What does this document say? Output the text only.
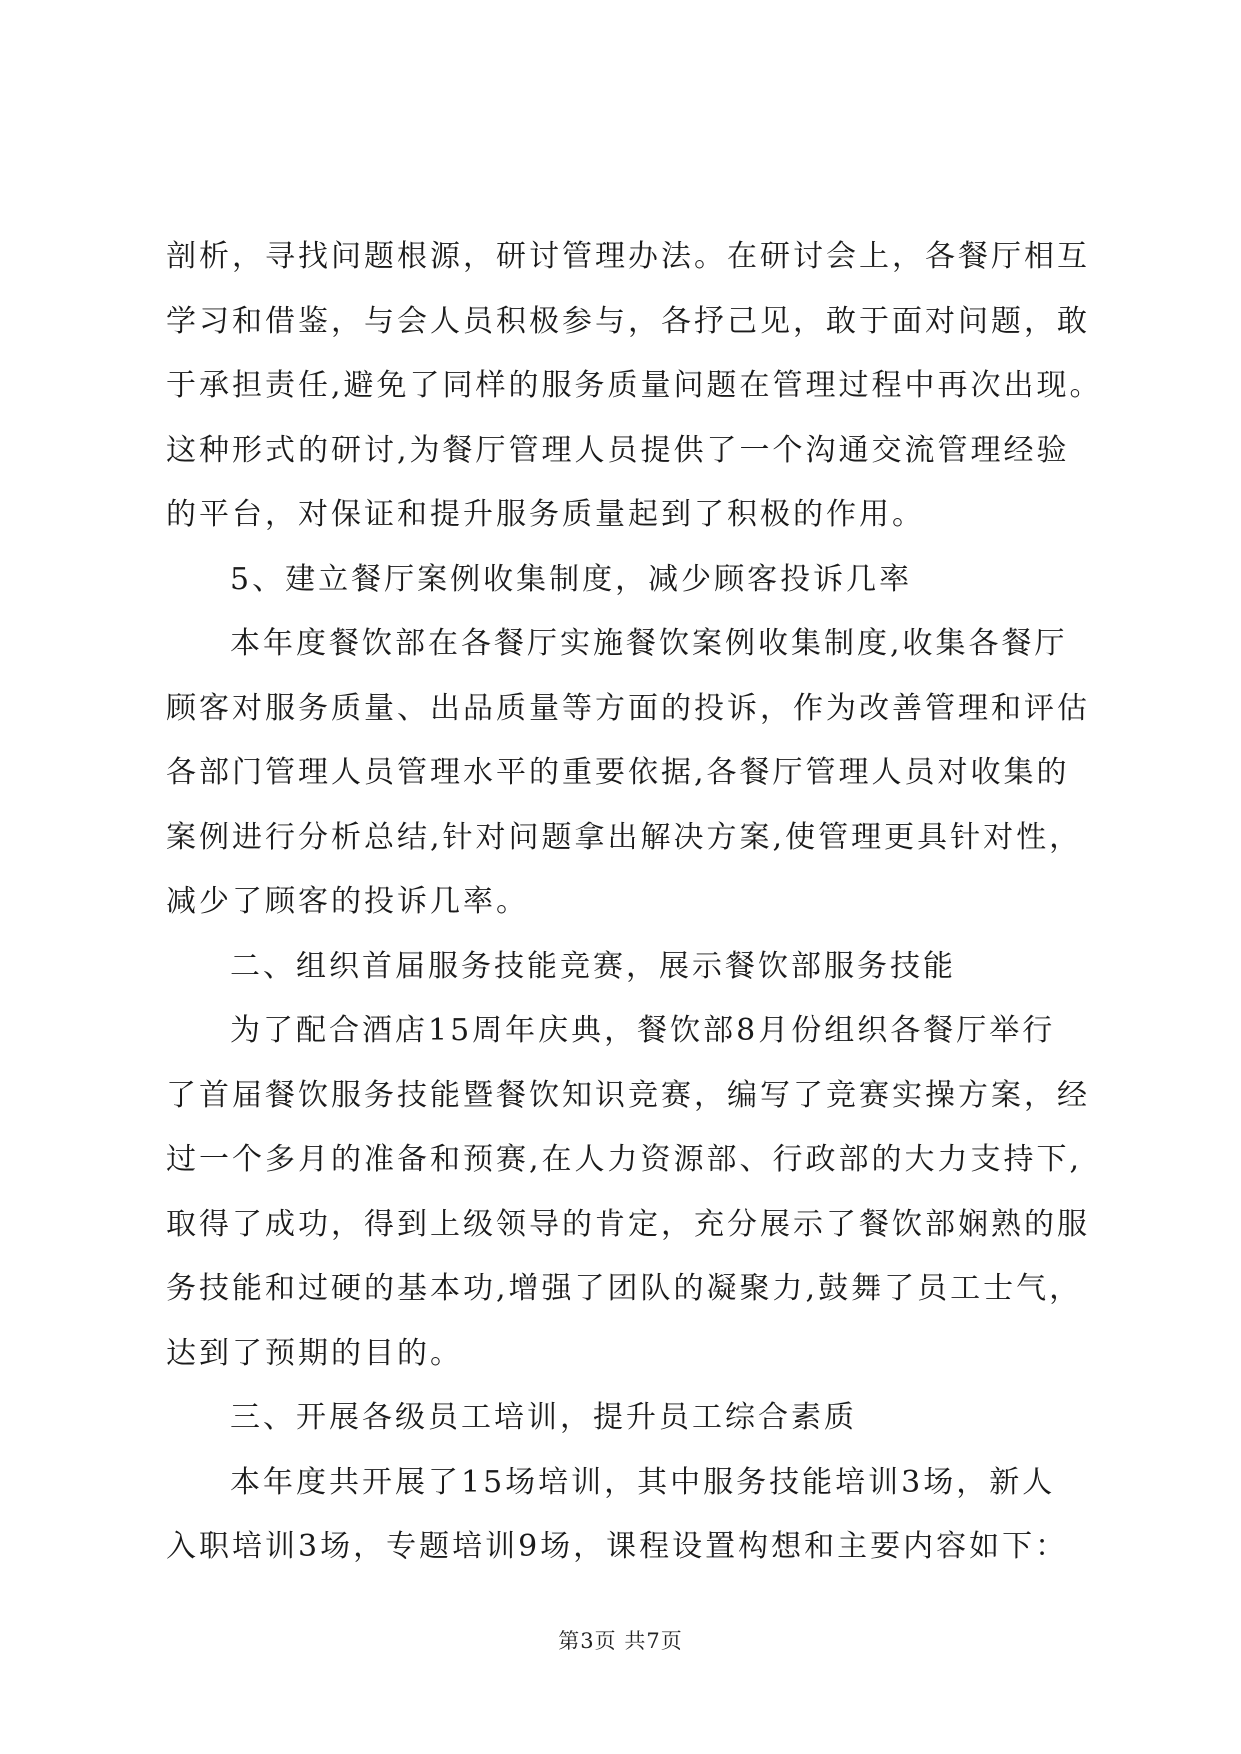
剖析，寻找问题根源，研讨管理办法。在研讨会上，各餐厅相互
学习和借鉴，与会人员积极参与，各抒己见，敢于面对问题，敢
于承担责任,避免了同样的服务质量问题在管理过程中再次出现。
这种形式的研讨,为餐厅管理人员提供了一个沟通交流管理经验
的平台，对保证和提升服务质量起到了积极的作用。
5、建立餐厅案例收集制度，减少顾客投诉几率
本年度餐饮部在各餐厅实施餐饮案例收集制度,收集各餐厅
顾客对服务质量、出品质量等方面的投诉，作为改善管理和评估
各部门管理人员管理水平的重要依据,各餐厅管理人员对收集的
案例进行分析总结,针对问题拿出解决方案,使管理更具针对性，
减少了顾客的投诉几率。
二、组织首届服务技能竞赛，展示餐饮部服务技能
为了配合酒店15周年庆典，餐饮部8月份组织各餐厅举行
了首届餐饮服务技能暨餐饮知识竞赛，编写了竞赛实操方案，经
过一个多月的准备和预赛,在人力资源部、行政部的大力支持下,
取得了成功，得到上级领导的肯定，充分展示了餐饮部娴熟的服
务技能和过硬的基本功,增强了团队的凝聚力,鼓舞了员工士气，
达到了预期的目的。
三、开展各级员工培训，提升员工综合素质
本年度共开展了15场培训，其中服务技能培训3场，新人
入职培训3场，专题培训9场，课程设置构想和主要内容如下：
第3页 共7页
